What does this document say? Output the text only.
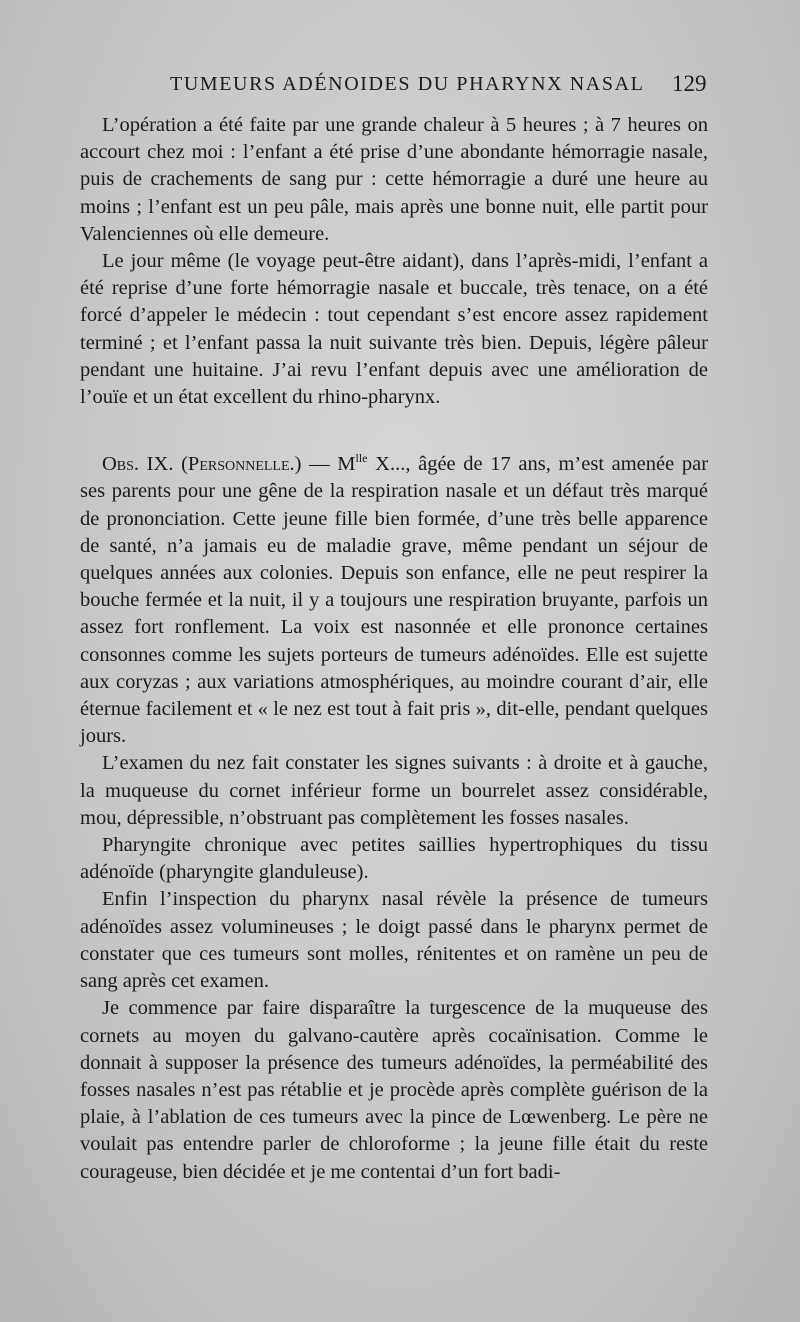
TUMEURS ADÉNOIDES DU PHARYNX NASAL 129

L’opération a été faite par une grande chaleur à 5 heures ; à 7 heures on accourt chez moi : l’enfant a été prise d’une abondante hémorragie nasale, puis de crachements de sang pur : cette hémorragie a duré une heure au moins ; l’enfant est un peu pâle, mais après une bonne nuit, elle partit pour Valenciennes où elle demeure.

Le jour même (le voyage peut-être aidant), dans l’après-midi, l’enfant a été reprise d’une forte hémorragie nasale et buccale, très tenace, on a été forcé d’appeler le médecin : tout cependant s’est encore assez rapidement terminé ; et l’enfant passa la nuit suivante très bien. Depuis, légère pâleur pendant une huitaine. J’ai revu l’enfant depuis avec une amélioration de l’ouïe et un état excellent du rhino-pharynx.

Obs. IX. (Personnelle.) — $M^{lle}$ X..., âgée de 17 ans, m’est amenée par ses parents pour une gêne de la respiration nasale et un défaut très marqué de prononciation. Cette jeune fille bien formée, d’une très belle apparence de santé, n’a jamais eu de maladie grave, même pendant un séjour de quelques années aux colonies. Depuis son enfance, elle ne peut respirer la bouche fermée et la nuit, il y a toujours une respiration bruyante, parfois un assez fort ronflement. La voix est nasonnée et elle prononce certaines consonnes comme les sujets porteurs de tumeurs adénoïdes. Elle est sujette aux coryzas ; aux variations atmosphériques, au moindre courant d’air, elle éternue facilement et « le nez est tout à fait pris », dit-elle, pendant quelques jours.

L’examen du nez fait constater les signes suivants : à droite et à gauche, la muqueuse du cornet inférieur forme un bourrelet assez considérable, mou, dépressible, n’obstruant pas complètement les fosses nasales.

Pharyngite chronique avec petites saillies hypertrophiques du tissu adénoïde (pharyngite glanduleuse).

Enfin l’inspection du pharynx nasal révèle la présence de tumeurs adénoïdes assez volumineuses ; le doigt passé dans le pharynx permet de constater que ces tumeurs sont molles, rénitentes et on ramène un peu de sang après cet examen.

Je commence par faire disparaître la turgescence de la muqueuse des cornets au moyen du galvano-cautère après cocaïnisation. Comme le donnait à supposer la présence des tumeurs adénoïdes, la perméabilité des fosses nasales n’est pas rétablie et je procède après complète guérison de la plaie, à l’ablation de ces tumeurs avec la pince de Lœwenberg. Le père ne voulait pas entendre parler de chloroforme ; la jeune fille était du reste courageuse, bien décidée et je me contentai d’un fort badi-
